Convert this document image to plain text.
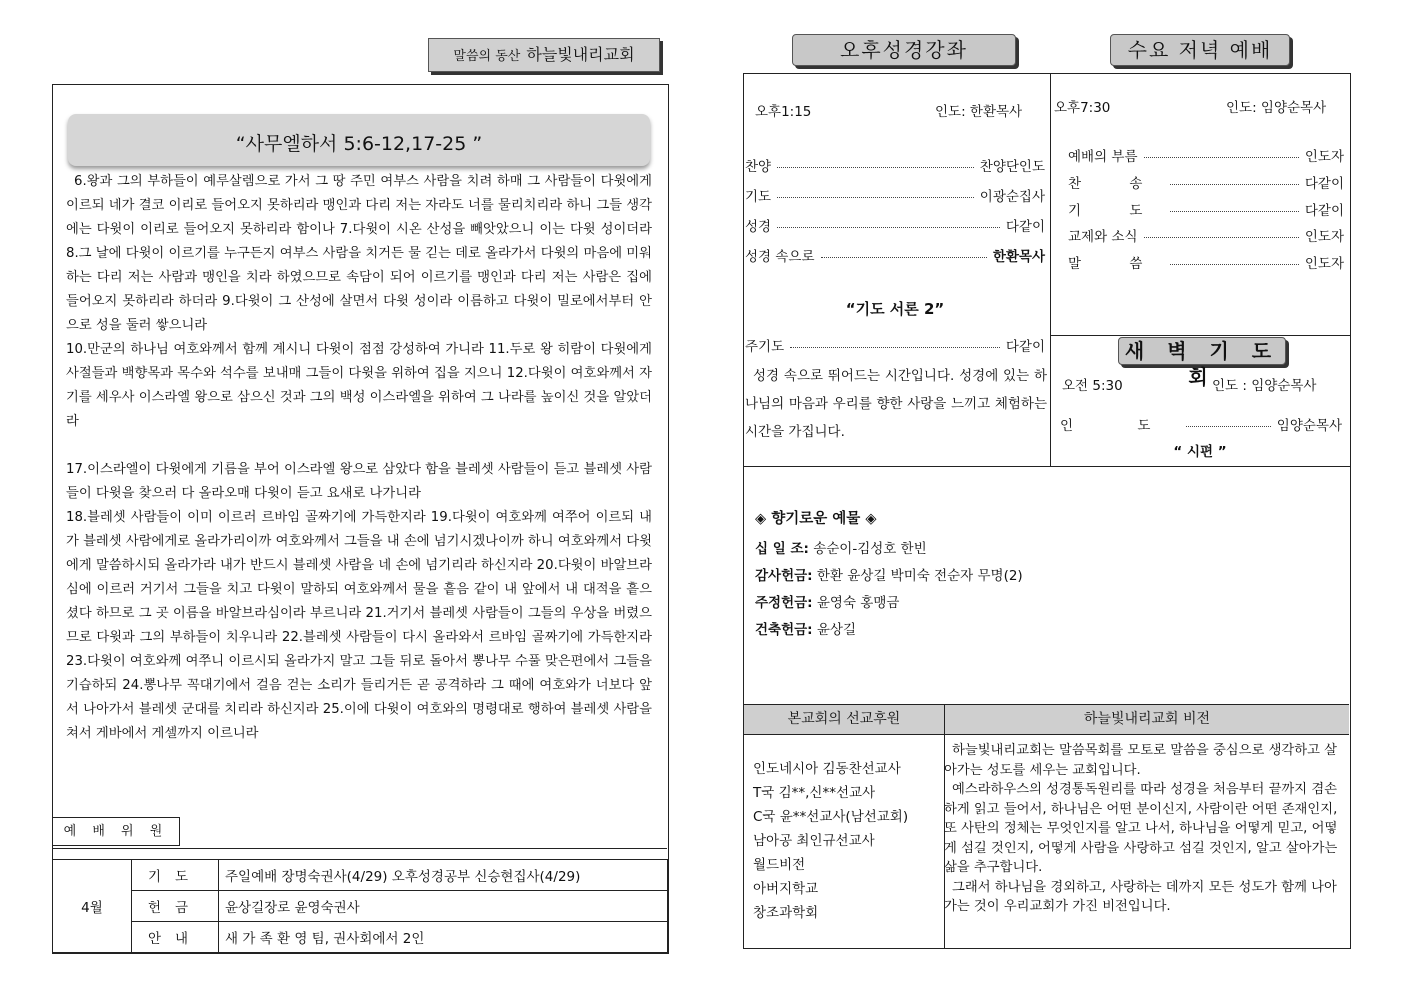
말씀의 동산 하늘빛내리교회
“사무엘하서 5:6-12,17-25 ”

6.왕과 그의 부하들이 예루살렘으로 가서 그 땅 주민 여부스 사람을 치려 하매 그 사람들이 다윗에게 이르되 네가 결코 이리로 들어오지 못하리라 맹인과 다리 저는 자라도 너를 물리치리라 하니 그들 생각에는 다윗이 이리로 들어오지 못하리라 함이나 7.다윗이 시온 산성을 빼앗았으니 이는 다윗 성이더라 8.그 날에 다윗이 이르기를 누구든지 여부스 사람을 치거든 물 긷는 데로 올라가서 다윗의 마음에 미워하는 다리 저는 사람과 맹인을 치라 하였으므로 속담이 되어 이르기를 맹인과 다리 저는 사람은 집에 들어오지 못하리라 하더라 9.다윗이 그 산성에 살면서 다윗 성이라 이름하고 다윗이 밀로에서부터 안으로 성을 둘러 쌓으니라

10.만군의 하나님 여호와께서 함께 계시니 다윗이 점점 강성하여 가니라 11.두로 왕 히람이 다윗에게 사절들과 백향목과 목수와 석수를 보내매 그들이 다윗을 위하여 집을 지으니 12.다윗이 여호와께서 자기를 세우사 이스라엘 왕으로 삼으신 것과 그의 백성 이스라엘을 위하여 그 나라를 높이신 것을 알았더라

17.이스라엘이 다윗에게 기름을 부어 이스라엘 왕으로 삼았다 함을 블레셋 사람들이 듣고 블레셋 사람들이 다윗을 찾으러 다 올라오매 다윗이 듣고 요새로 나가니라

18.블레셋 사람들이 이미 이르러 르바임 골짜기에 가득한지라 19.다윗이 여호와께 여쭈어 이르되 내가 블레셋 사람에게로 올라가리이까 여호와께서 그들을 내 손에 넘기시겠나이까 하니 여호와께서 다윗에게 말씀하시되 올라가라 내가 반드시 블레셋 사람을 네 손에 넘기리라 하신지라 20.다윗이 바알브라심에 이르러 거기서 그들을 치고 다윗이 말하되 여호와께서 물을 흩음 같이 내 앞에서 내 대적을 흩으셨다 하므로 그 곳 이름을 바알브라심이라 부르니라 21.거기서 블레셋 사람들이 그들의 우상을 버렸으므로 다윗과 그의 부하들이 치우니라 22.블레셋 사람들이 다시 올라와서 르바임 골짜기에 가득한지라 23.다윗이 여호와께 여쭈니 이르시되 올라가지 말고 그들 뒤로 돌아서 뽕나무 수풀 맞은편에서 그들을 기습하되 24.뽕나무 꼭대기에서 걸음 걷는 소리가 들리거든 곧 공격하라 그 때에 여호와가 너보다 앞서 나아가서 블레셋 군대를 치리라 하신지라 25.이에 다윗이 여호와의 명령대로 행하여 블레셋 사람을 쳐서 게바에서 게셀까지 이르니라

예 배 위 원
4월	기도	주일예배 장명숙권사(4/29) 오후성경공부 신승현집사(4/29)
	헌금	윤상길장로 윤영숙권사
	안내	새 가 족 환 영 팀, 권사회에서 2인
오후성경강좌	수요 저녁 예배
오후1:15	인도: 한환목사
찬양	찬양단인도
기도	이광순집사
성경	다같이
성경 속으로	한환목사
“기도 서론 2”
주기도	다같이
성경 속으로 뛰어드는 시간입니다. 성경에 있는 하나님의 마음과 우리를 향한 사랑을 느끼고 체험하는 시간을 가집니다.
오후7:30	인도: 임양순목사
예배의 부름	인도자
찬 송	다같이
기 도	다같이
교제와 소식	인도자
말 씀	인도자
새 벽 기 도 회
오전 5:30	인도 : 임양순목사
인 도	임양순목사
“ 시편 ”
◈ 향기로운 예물 ◈
십 일 조: 송순이-김성호 한빈
감사헌금: 한환 윤상길 박미숙 전순자 무명(2)
주정헌금: 윤영숙 홍맹금
건축헌금: 윤상길
본교회의 선교후원	하늘빛내리교회 비전
인도네시아 김동찬선교사
T국 김**,신**선교사
C국 윤**선교사(남선교회)
남아공 최인규선교사
월드비전
아버지학교
창조과학회
하늘빛내리교회는 말씀목회를 모토로 말씀을 중심으로 생각하고 살아가는 성도를 세우는 교회입니다.
예스라하우스의 성경통독원리를 따라 성경을 처음부터 끝까지 겸손하게 읽고 들어서, 하나님은 어떤 분이신지, 사람이란 어떤 존재인지, 또 사탄의 정체는 무엇인지를 알고 나서, 하나님을 어떻게 믿고, 어떻게 섬길 것인지, 어떻게 사람을 사랑하고 섬길 것인지, 알고 살아가는 삶을 추구합니다.
그래서 하나님을 경외하고, 사랑하는 데까지 모든 성도가 함께 나아가는 것이 우리교회가 가진 비전입니다.
